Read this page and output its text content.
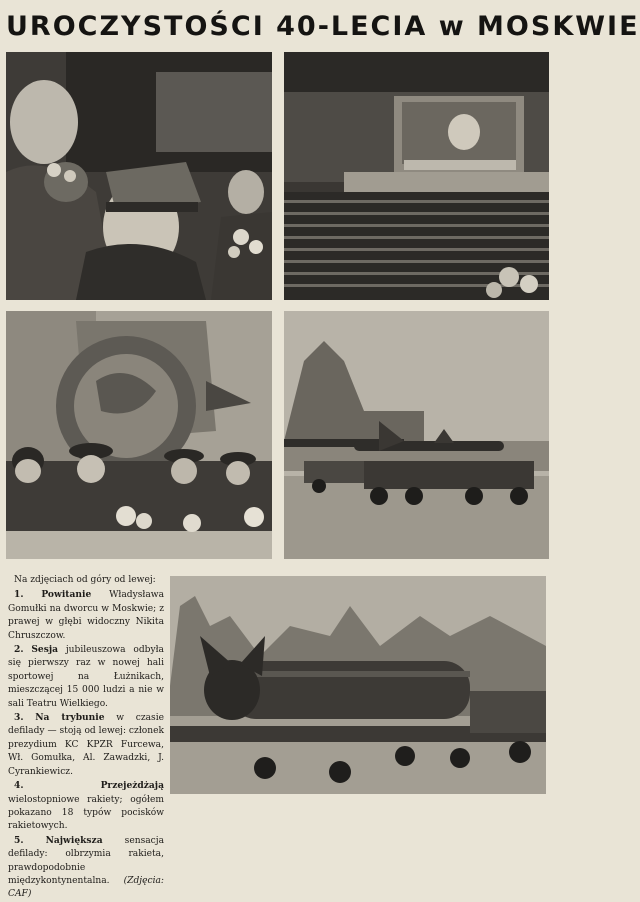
UROCZYSTOŚCI 40-LECIA w MOSKWIE

Na zdjęciach od góry od lewej:

1. Powitanie Władysława Gomułki na dworcu w Moskwie; z prawej w głębi widoczny Nikita Chruszczow.

2. Sesja jubileuszowa odbyła się pierwszy raz w nowej hali sportowej na Łużnikach, mieszczącej 15 000 ludzi a nie w sali Teatru Wielkiego.

3. Na trybunie w czasie defilady — stoją od lewej: członek prezydium KC KPZR Furcewa, Wł. Gomułka, Al. Zawadzki, J. Cyrankiewicz.

4.	Przejeżdżają wielostopniowe rakiety; ogółem pokazano 18 typów pocisków rakietowych.

5. Największa sensacja defilady: olbrzymia rakieta, prawdopodobnie międzykontynentalna. (Zdjęcia: CAF)
